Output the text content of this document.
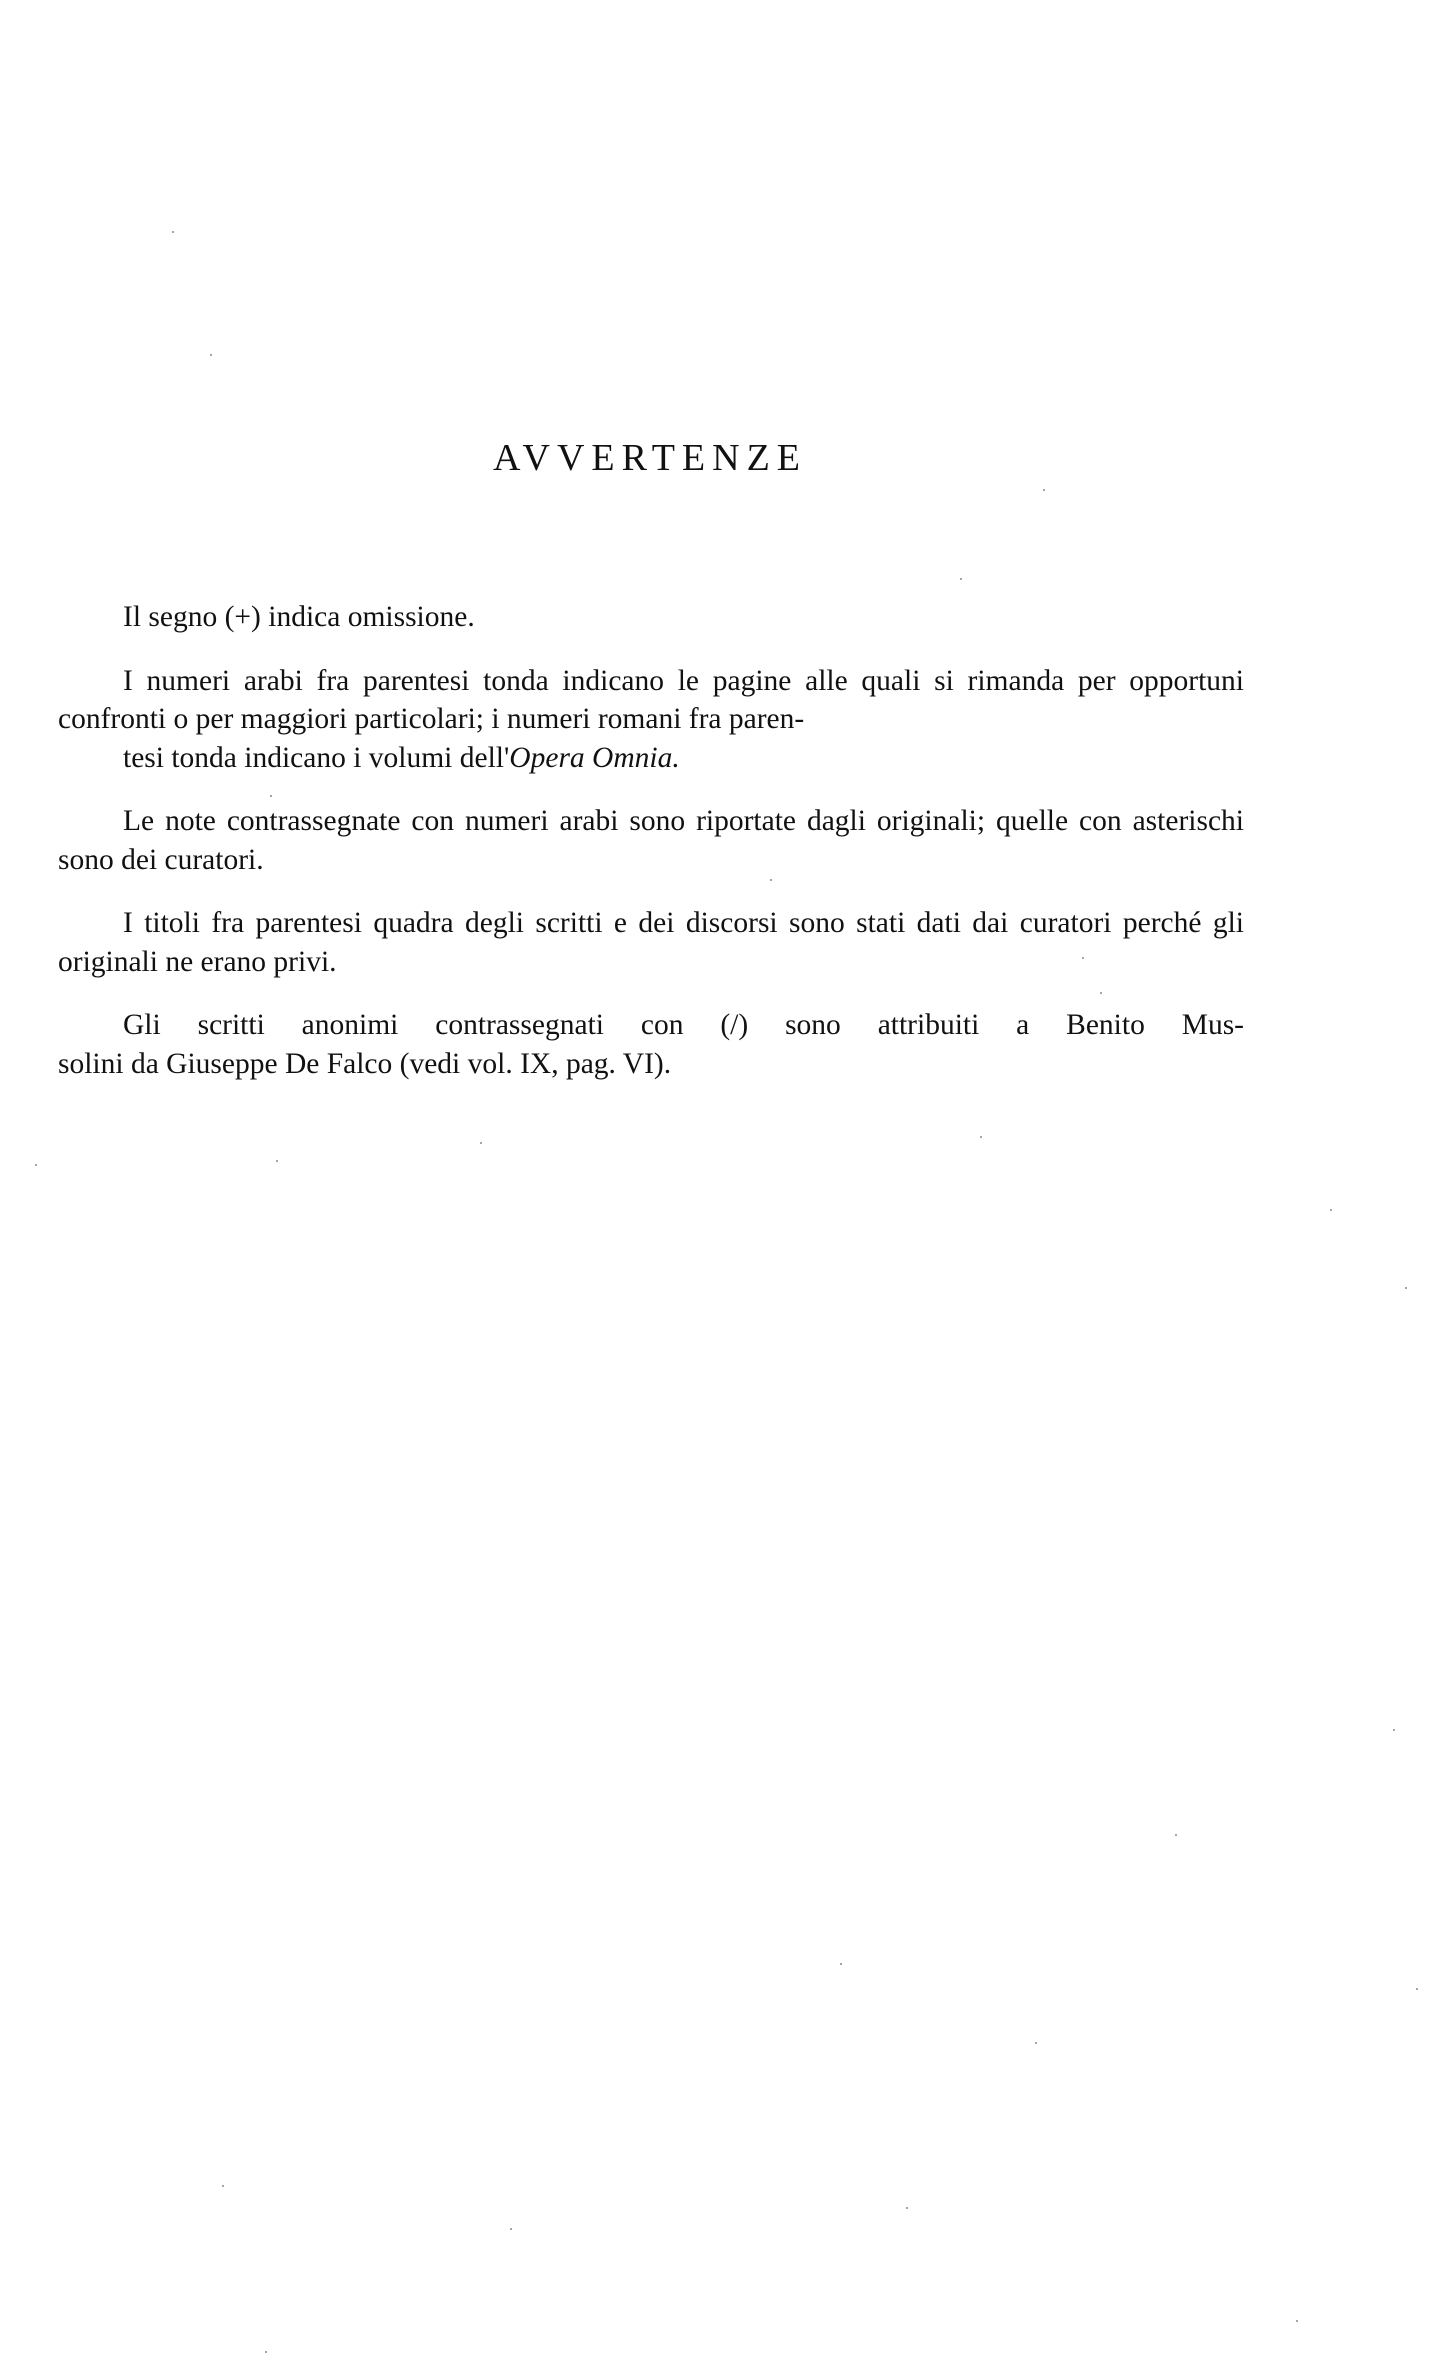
AVVERTENZE

Il segno (+) indica omissione.

I numeri arabi fra parentesi tonda indicano le pagine alle quali si rimanda per opportuni confronti o per maggiori particolari; i numeri romani fra paren-
tesi tonda indicano i volumi dell'Opera Omnia.

Le note contrassegnate con numeri arabi sono riportate dagli originali; quelle con asterischi sono dei curatori.

I titoli fra parentesi quadra degli scritti e dei discorsi sono stati dati dai curatori perché gli originali ne erano privi.

Gli scritti anonimi contrassegnati con (/) sono attribuiti a Benito Mus-
solini da Giuseppe De Falco (vedi vol. IX, pag. VI).
